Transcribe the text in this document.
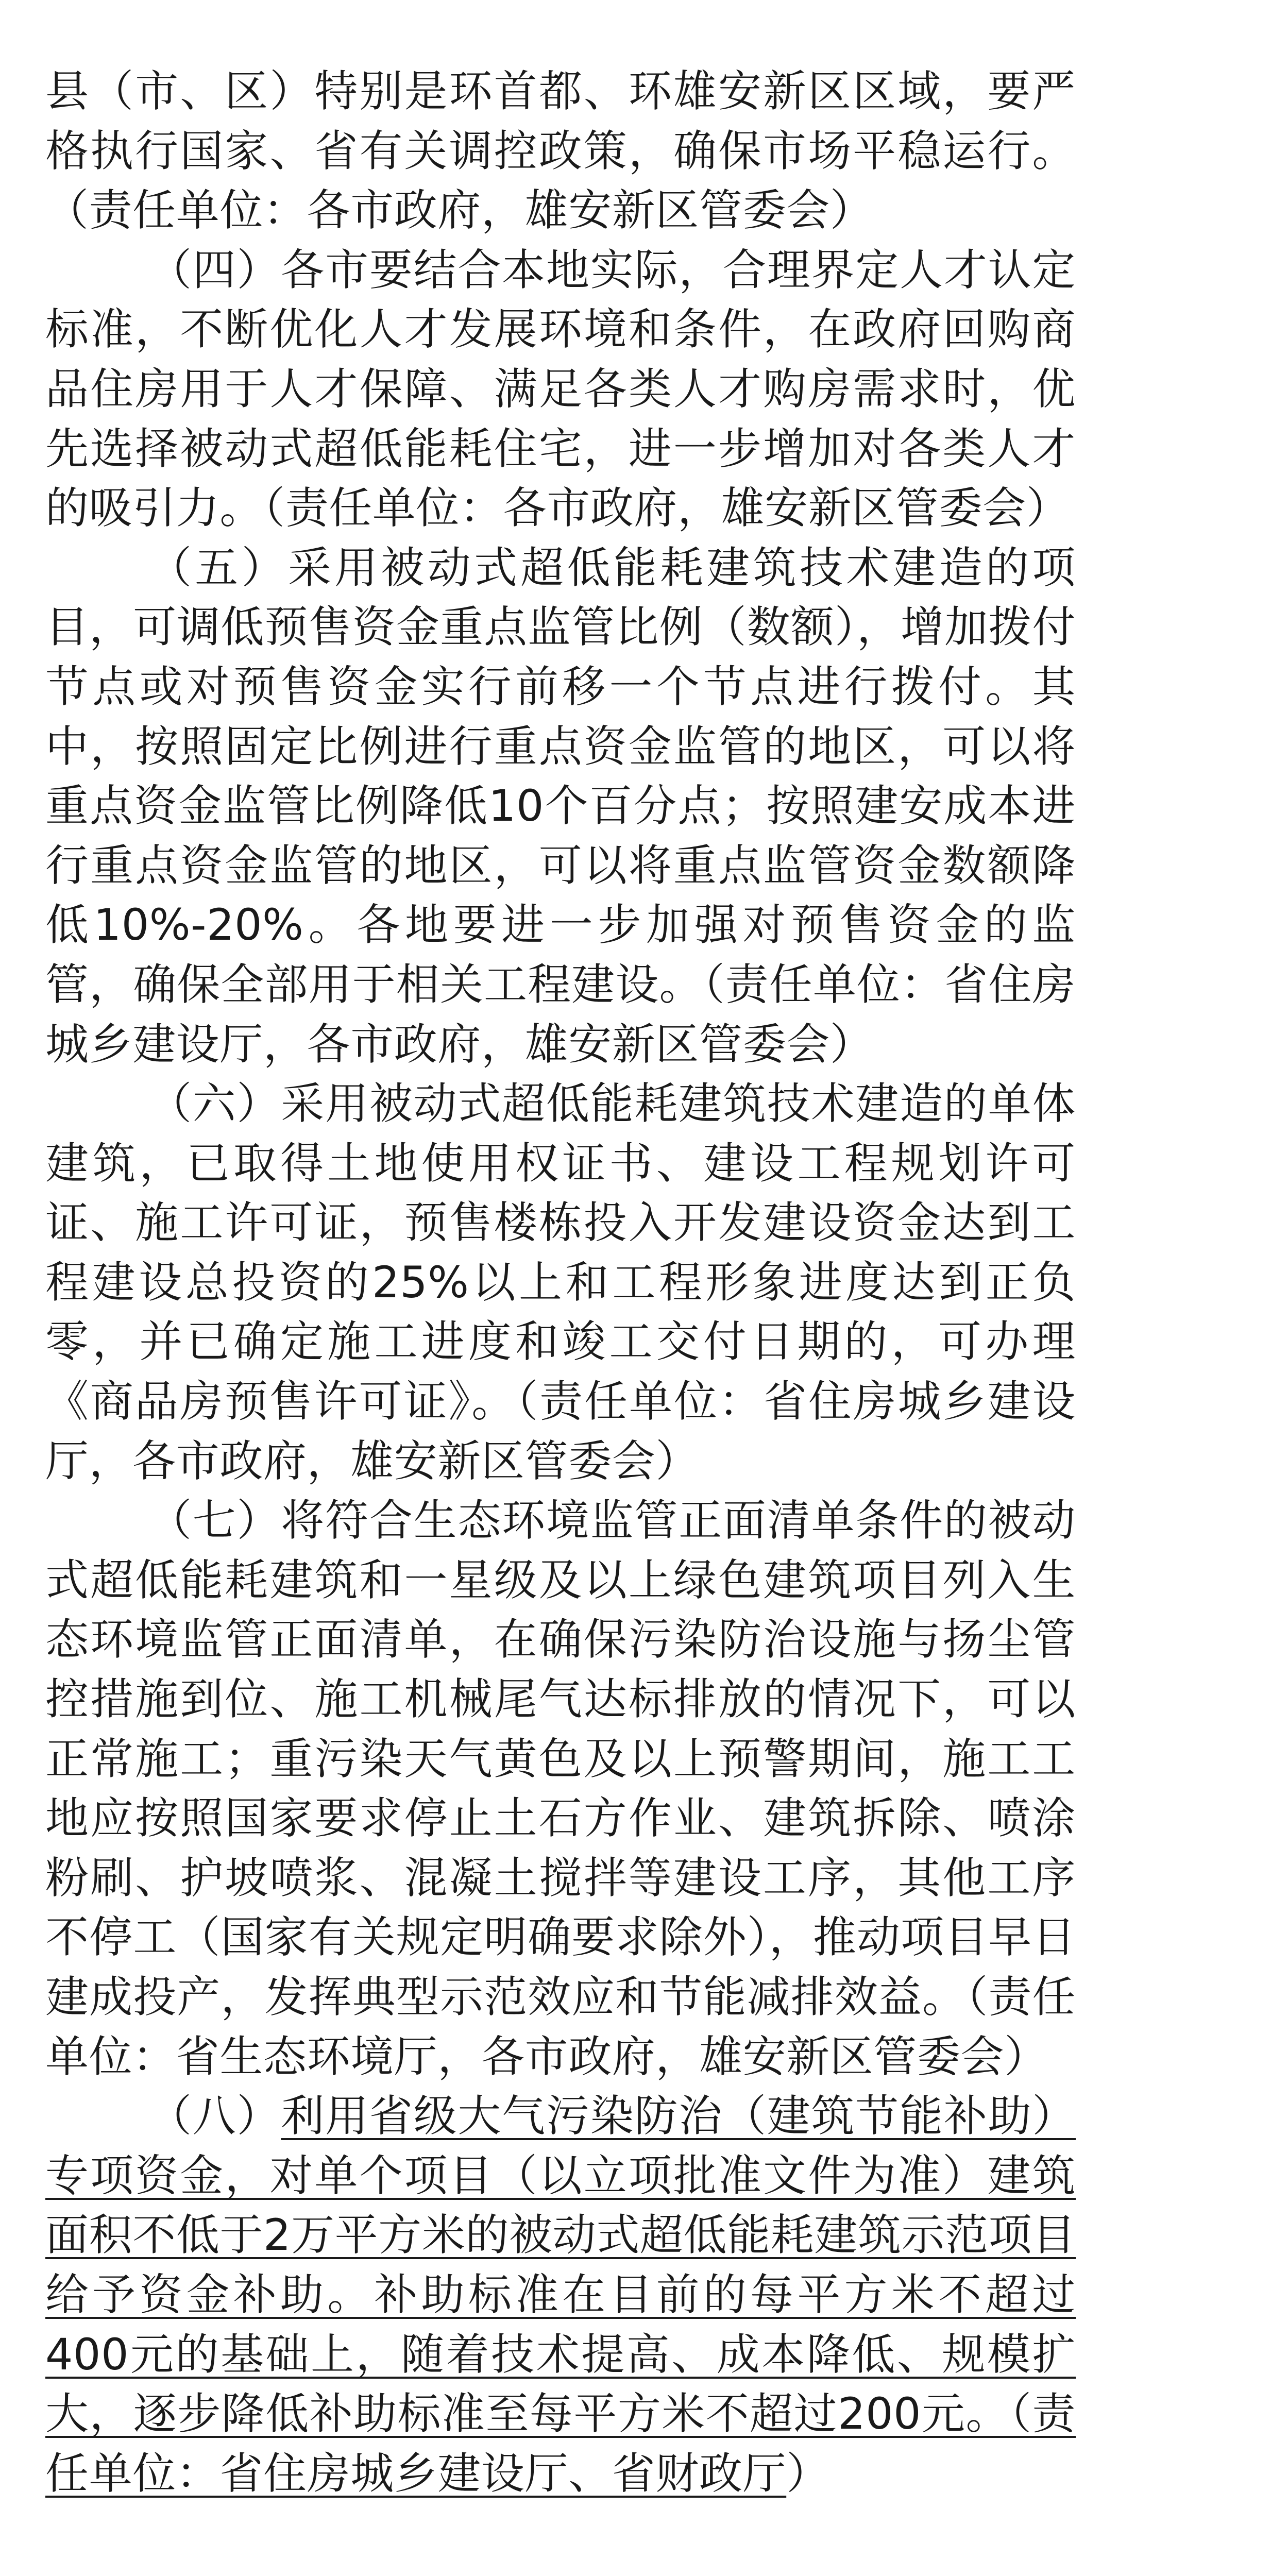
县（市、区）特别是环首都、环雄安新区区域，要严格执行国家、省有关调控政策，确保市场平稳运行。（责任单位：各市政府，雄安新区管委会）

（四）各市要结合本地实际，合理界定人才认定标准，不断优化人才发展环境和条件，在政府回购商品住房用于人才保障、满足各类人才购房需求时，优先选择被动式超低能耗住宅，进一步增加对各类人才的吸引力。（责任单位：各市政府，雄安新区管委会）

（五）采用被动式超低能耗建筑技术建造的项目，可调低预售资金重点监管比例（数额），增加拨付节点或对预售资金实行前移一个节点进行拨付。其中，按照固定比例进行重点资金监管的地区，可以将重点资金监管比例降低10个百分点；按照建安成本进行重点资金监管的地区，可以将重点监管资金数额降低10%-20%。各地要进一步加强对预售资金的监管，确保全部用于相关工程建设。（责任单位：省住房城乡建设厅，各市政府，雄安新区管委会）

（六）采用被动式超低能耗建筑技术建造的单体建筑，已取得土地使用权证书、建设工程规划许可证、施工许可证，预售楼栋投入开发建设资金达到工程建设总投资的25%以上和工程形象进度达到正负零，并已确定施工进度和竣工交付日期的，可办理《商品房预售许可证》。（责任单位：省住房城乡建设厅，各市政府，雄安新区管委会）

（七）将符合生态环境监管正面清单条件的被动式超低能耗建筑和一星级及以上绿色建筑项目列入生态环境监管正面清单，在确保污染防治设施与扬尘管控措施到位、施工机械尾气达标排放的情况下，可以正常施工；重污染天气黄色及以上预警期间，施工工地应按照国家要求停止土石方作业、建筑拆除、喷涂粉刷、护坡喷浆、混凝土搅拌等建设工序，其他工序不停工（国家有关规定明确要求除外），推动项目早日建成投产，发挥典型示范效应和节能减排效益。（责任单位：省生态环境厅，各市政府，雄安新区管委会）

（八）利用省级大气污染防治（建筑节能补助）专项资金，对单个项目（以立项批准文件为准）建筑面积不低于2万平方米的被动式超低能耗建筑示范项目给予资金补助。补助标准在目前的每平方米不超过400元的基础上，随着技术提高、成本降低、规模扩大，逐步降低补助标准至每平方米不超过200元。（责任单位：省住房城乡建设厅、省财政厅）
